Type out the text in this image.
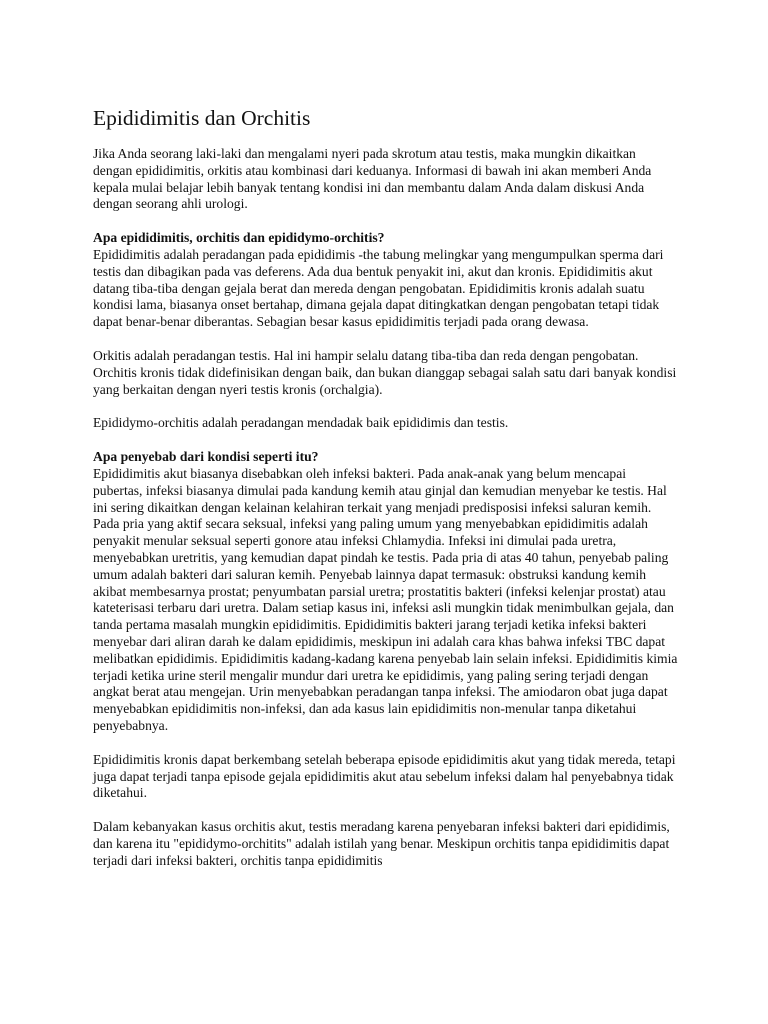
Epididimitis dan Orchitis

Jika Anda seorang laki-laki dan mengalami nyeri pada skrotum atau testis, maka mungkin dikaitkan dengan epididimitis, orkitis atau kombinasi dari keduanya. Informasi di bawah ini akan memberi Anda kepala mulai belajar lebih banyak tentang kondisi ini dan membantu dalam Anda dalam diskusi Anda dengan seorang ahli urologi.

Apa epididimitis, orchitis dan epididymo-orchitis?
Epididimitis adalah peradangan pada epididimis -the tabung melingkar yang mengumpulkan sperma dari testis dan dibagikan pada vas deferens. Ada dua bentuk penyakit ini, akut dan kronis. Epididimitis akut datang tiba-tiba dengan gejala berat dan mereda dengan pengobatan. Epididimitis kronis adalah suatu kondisi lama, biasanya onset bertahap, dimana gejala dapat ditingkatkan dengan pengobatan tetapi tidak dapat benar-benar diberantas. Sebagian besar kasus epididimitis terjadi pada orang dewasa.

Orkitis adalah peradangan testis. Hal ini hampir selalu datang tiba-tiba dan reda dengan pengobatan. Orchitis kronis tidak didefinisikan dengan baik, dan bukan dianggap sebagai salah satu dari banyak kondisi yang berkaitan dengan nyeri testis kronis (orchalgia).

Epididymo-orchitis adalah peradangan mendadak baik epididimis dan testis.

Apa penyebab dari kondisi seperti itu?
Epididimitis akut biasanya disebabkan oleh infeksi bakteri. Pada anak-anak yang belum mencapai pubertas, infeksi biasanya dimulai pada kandung kemih atau ginjal dan kemudian menyebar ke testis. Hal ini sering dikaitkan dengan kelainan kelahiran terkait yang menjadi predisposisi infeksi saluran kemih. Pada pria yang aktif secara seksual, infeksi yang paling umum yang menyebabkan epididimitis adalah penyakit menular seksual seperti gonore atau infeksi Chlamydia. Infeksi ini dimulai pada uretra, menyebabkan uretritis, yang kemudian dapat pindah ke testis. Pada pria di atas 40 tahun, penyebab paling umum adalah bakteri dari saluran kemih. Penyebab lainnya dapat termasuk: obstruksi kandung kemih akibat membesarnya prostat; penyumbatan parsial uretra; prostatitis bakteri (infeksi kelenjar prostat) atau kateterisasi terbaru dari uretra. Dalam setiap kasus ini, infeksi asli mungkin tidak menimbulkan gejala, dan tanda pertama masalah mungkin epididimitis. Epididimitis bakteri jarang terjadi ketika infeksi bakteri menyebar dari aliran darah ke dalam epididimis, meskipun ini adalah cara khas bahwa infeksi TBC dapat melibatkan epididimis. Epididimitis kadang-kadang karena penyebab lain selain infeksi. Epididimitis kimia terjadi ketika urine steril mengalir mundur dari uretra ke epididimis, yang paling sering terjadi dengan angkat berat atau mengejan. Urin menyebabkan peradangan tanpa infeksi. The amiodaron obat juga dapat menyebabkan epididimitis non-infeksi, dan ada kasus lain epididimitis non-menular tanpa diketahui penyebabnya.

Epididimitis kronis dapat berkembang setelah beberapa episode epididimitis akut yang tidak mereda, tetapi juga dapat terjadi tanpa episode gejala epididimitis akut atau sebelum infeksi dalam hal penyebabnya tidak diketahui.

Dalam kebanyakan kasus orchitis akut, testis meradang karena penyebaran infeksi bakteri dari epididimis, dan karena itu "epididymo-orchitits" adalah istilah yang benar. Meskipun orchitis tanpa epididimitis dapat terjadi dari infeksi bakteri, orchitis tanpa epididimitis
